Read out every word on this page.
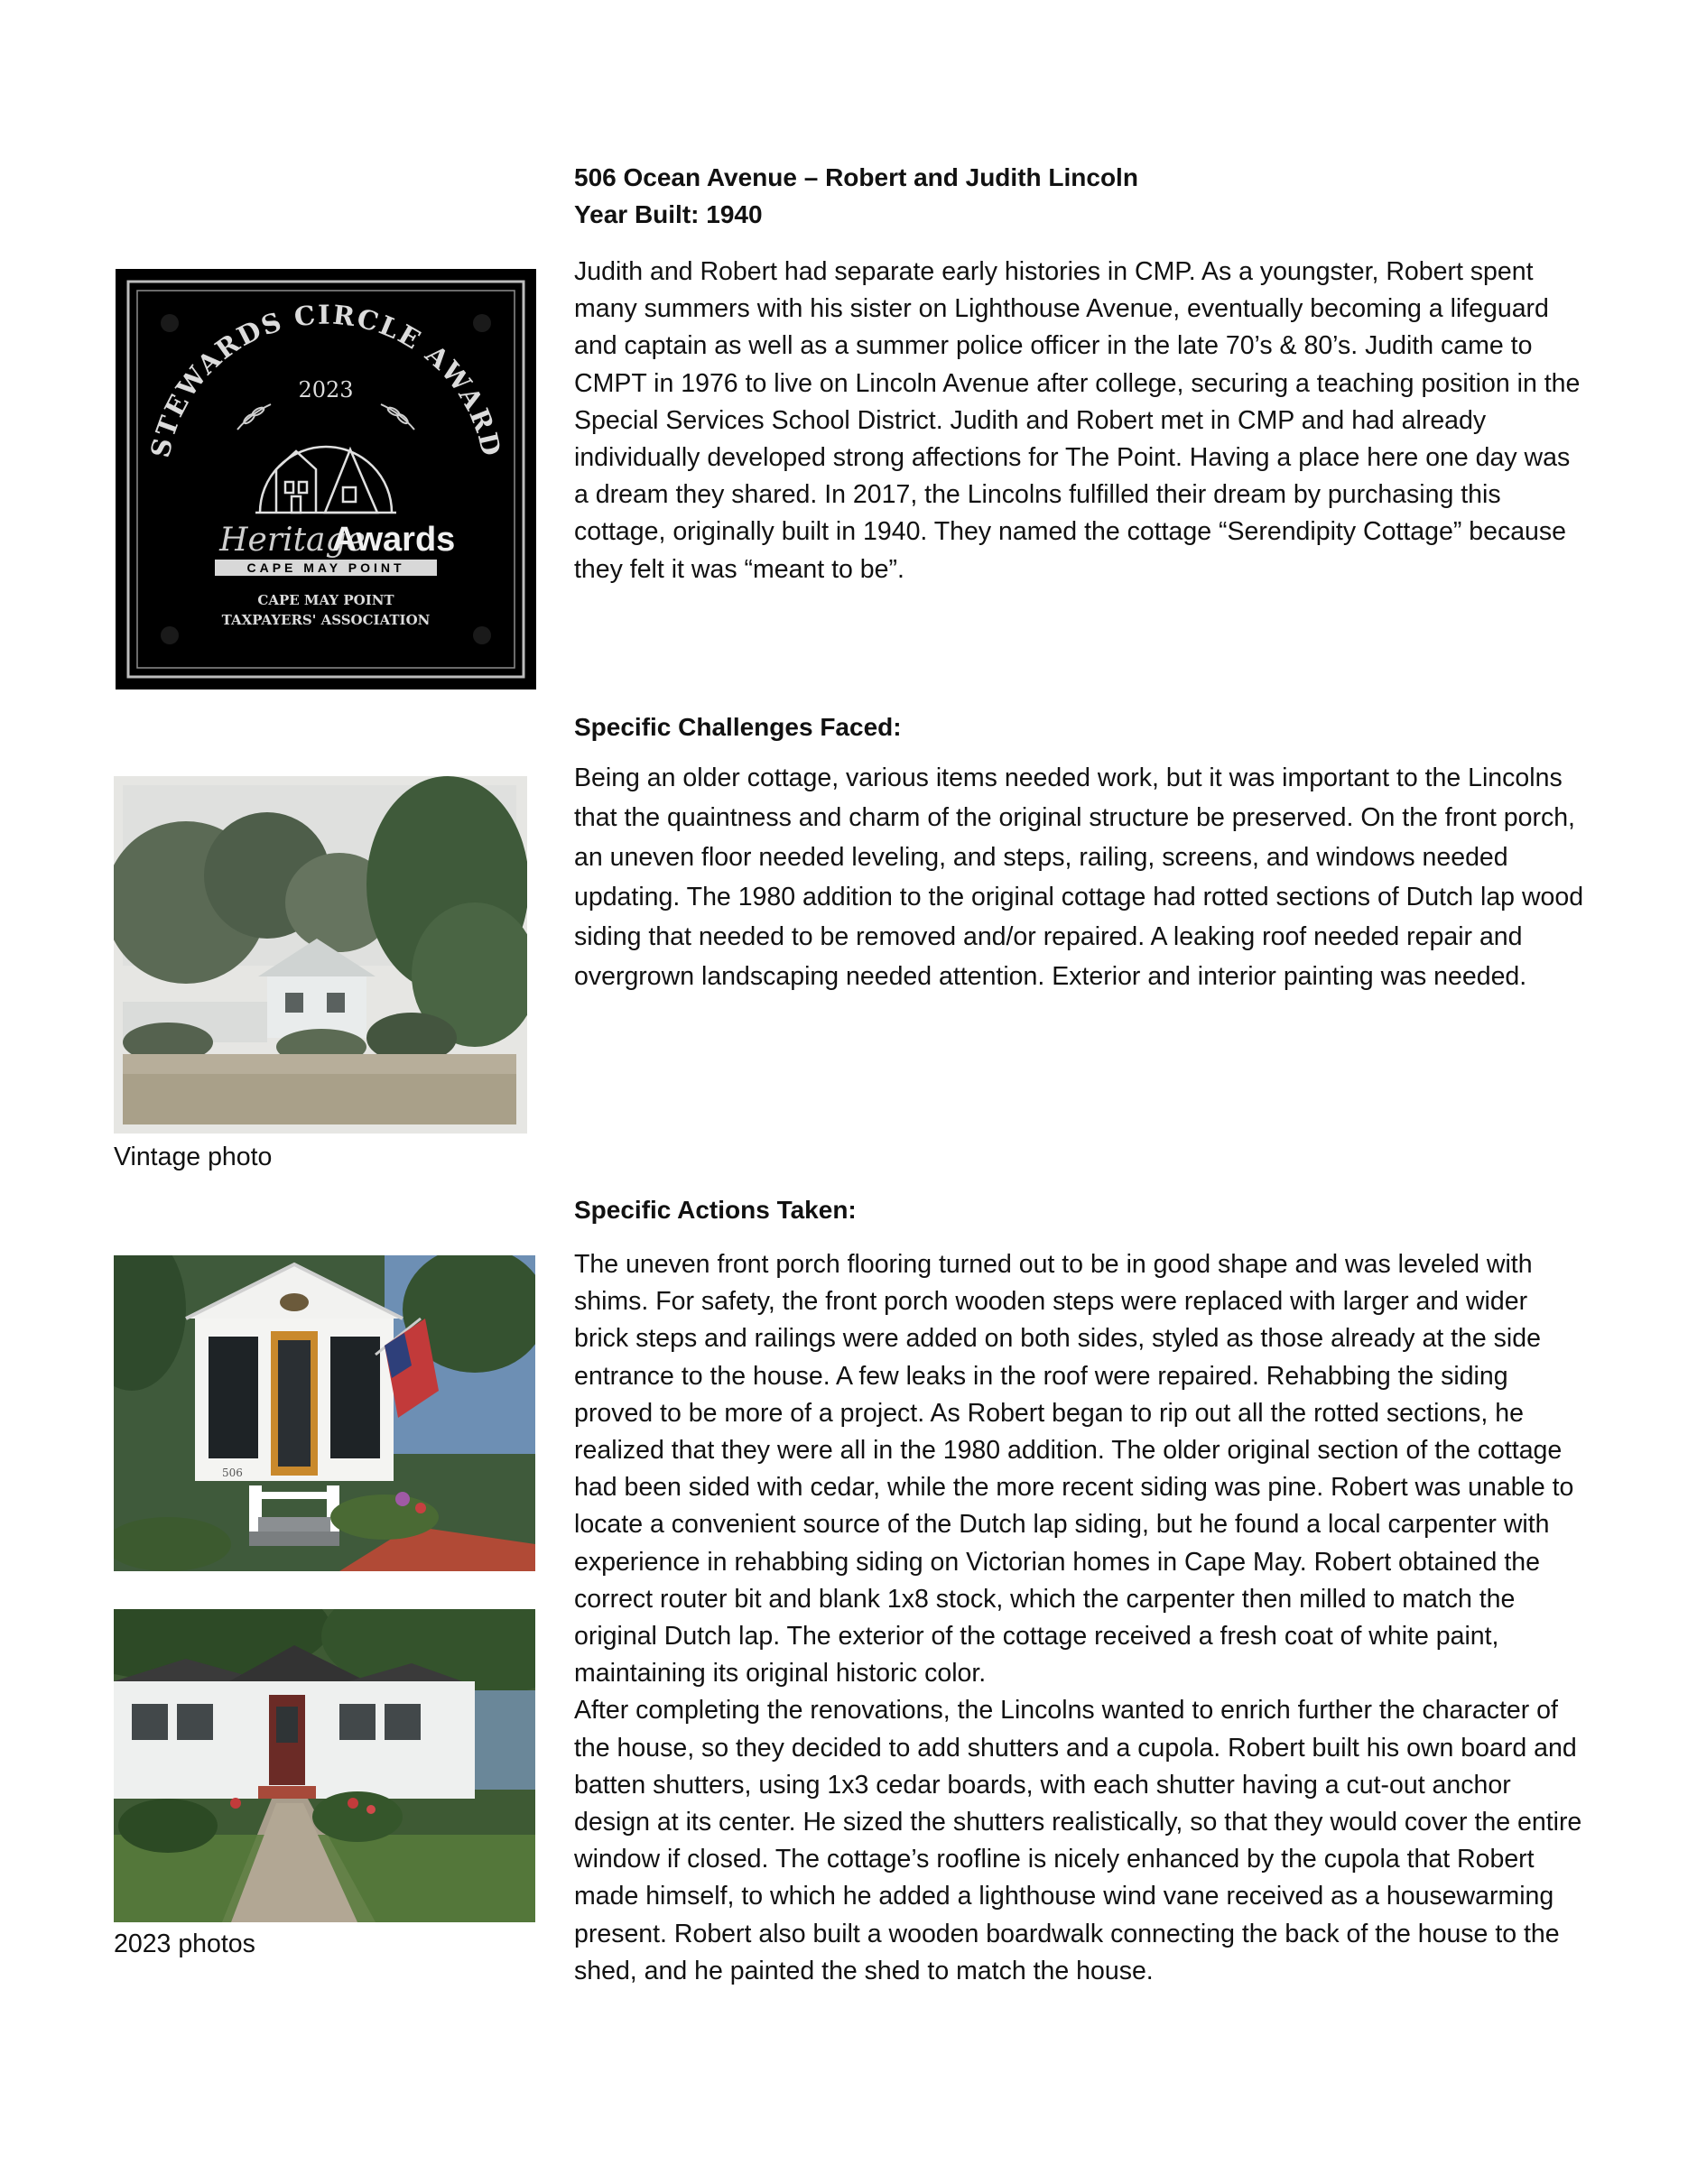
506 Ocean Avenue – Robert and Judith Lincoln

Year Built: 1940

Judith and Robert had separate early histories in CMP. As a youngster, Robert spent many summers with his sister on Lighthouse Avenue, eventually becoming a lifeguard and captain as well as a summer police officer in the late 70’s & 80’s. Judith came to CMPT in 1976 to live on Lincoln Avenue after college, securing a teaching position in the Special Services School District. Judith and Robert met in CMP and had already individually developed strong affections for The Point. Having a place here one day was a dream they shared. In 2017, the Lincolns fulfilled their dream by purchasing this cottage, originally built in 1940. They named the cottage “Serendipity Cottage” because they felt it was “meant to be”.

Specific Challenges Faced:

Being an older cottage, various items needed work, but it was important to the Lincolns that the quaintness and charm of the original structure be preserved. On the front porch, an uneven floor needed leveling, and steps, railing, screens, and windows needed updating. The 1980 addition to the original cottage had rotted sections of Dutch lap wood siding that needed to be removed and/or repaired. A leaking roof needed repair and overgrown landscaping needed attention. Exterior and interior painting was needed.

Specific Actions Taken:

The uneven front porch flooring turned out to be in good shape and was leveled with shims. For safety, the front porch wooden steps were replaced with larger and wider brick steps and railings were added on both sides, styled as those already at the side entrance to the house. A few leaks in the roof were repaired. Rehabbing the siding proved to be more of a project. As Robert began to rip out all the rotted sections, he realized that they were all in the 1980 addition. The older original section of the cottage had been sided with cedar, while the more recent siding was pine. Robert was unable to locate a convenient source of the Dutch lap siding, but he found a local carpenter with experience in rehabbing siding on Victorian homes in Cape May. Robert obtained the correct router bit and blank 1x8 stock, which the carpenter then milled to match the original Dutch lap. The exterior of the cottage received a fresh coat of white paint, maintaining its original historic color.

After completing the renovations, the Lincolns wanted to enrich further the character of the house, so they decided to add shutters and a cupola. Robert built his own board and batten shutters, using 1x3 cedar boards, with each shutter having a cut-out anchor design at its center. He sized the shutters realistically, so that they would cover the entire window if closed. The cottage’s roofline is nicely enhanced by the cupola that Robert made himself, to which he added a lighthouse wind vane received as a housewarming present. Robert also built a wooden boardwalk connecting the back of the house to the shed, and he painted the shed to match the house.

STEWARDS CIRCLE AWARD
2023
Heritage
Awards
CAPE MAY POINT
CAPE MAY POINT
TAXPAYERS' ASSOCIATION
Vintage photo
506
2023 photos
